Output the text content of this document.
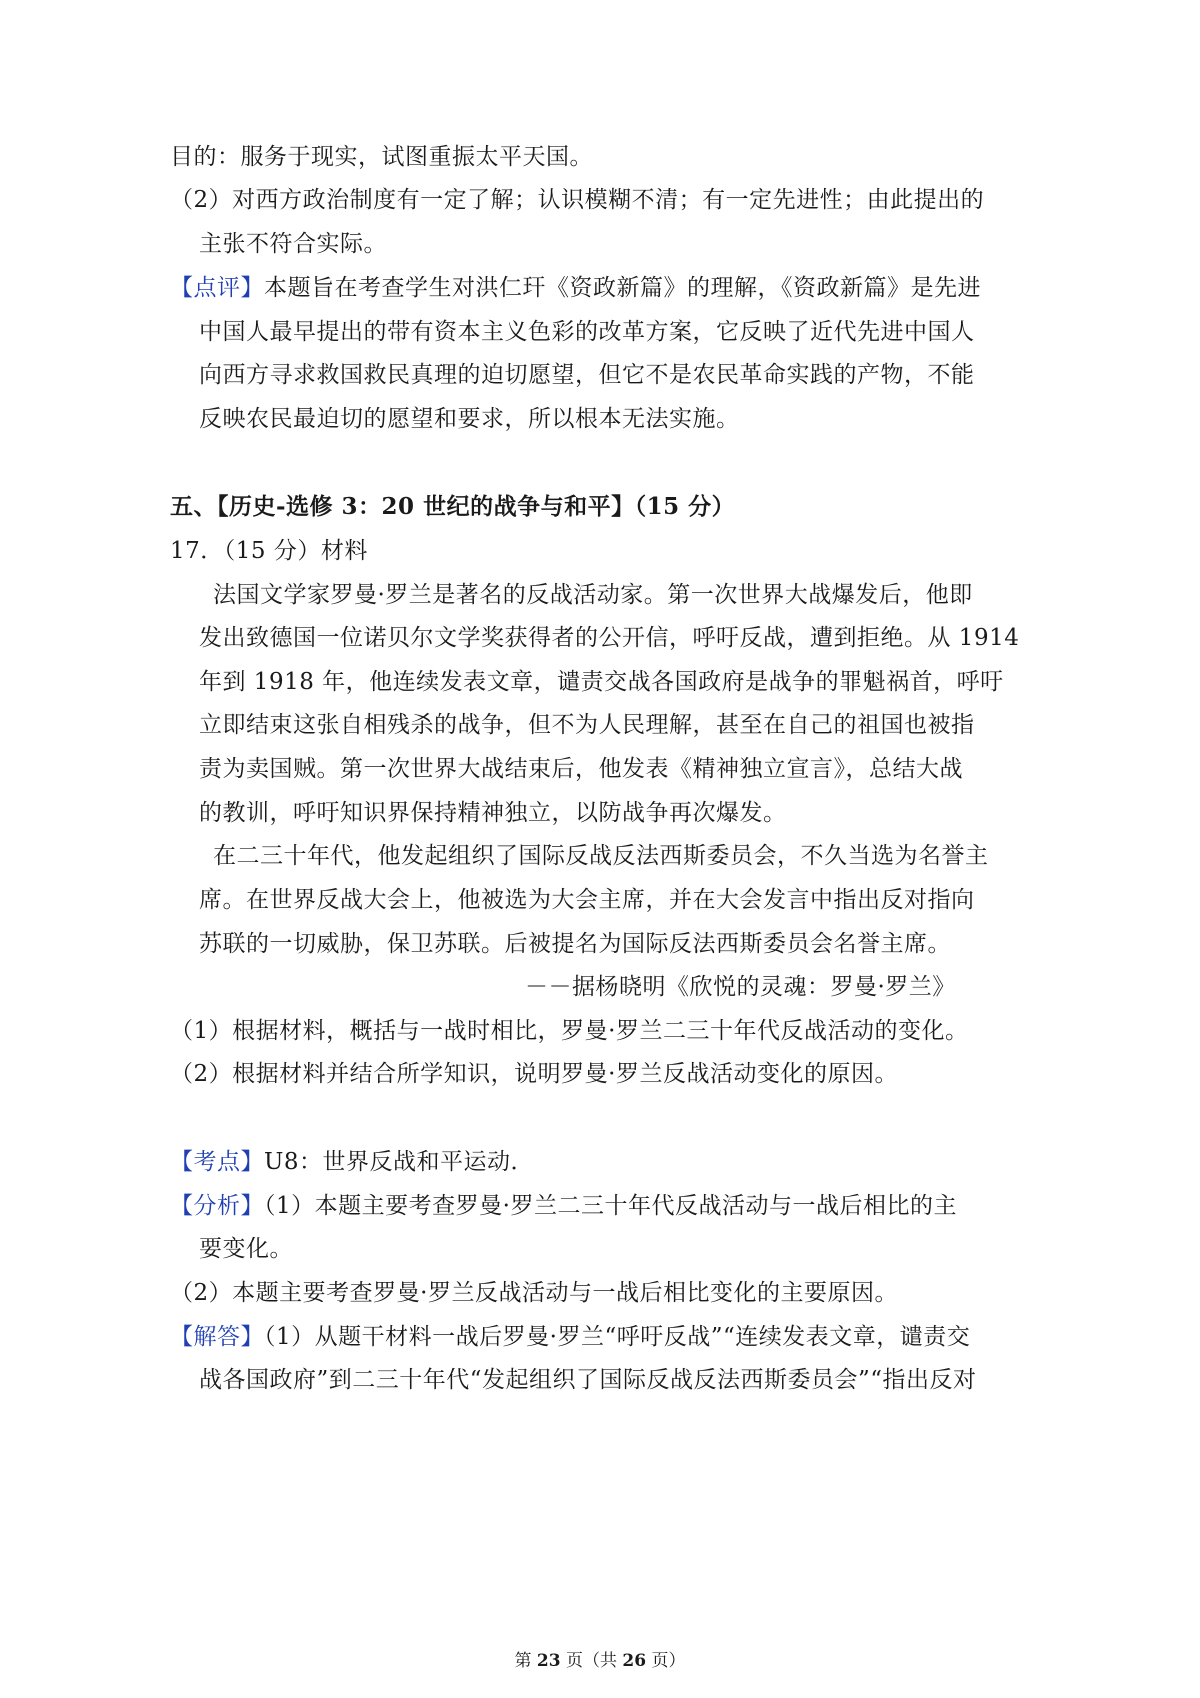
目的：服务于现实，试图重振太平天国。
（2）对西方政治制度有一定了解；认识模糊不清；有一定先进性；由此提出的
主张不符合实际。
【点评】本题旨在考查学生对洪仁玕《资政新篇》的理解，《资政新篇》是先进
中国人最早提出的带有资本主义色彩的改革方案，它反映了近代先进中国人
向西方寻求救国救民真理的迫切愿望，但它不是农民革命实践的产物，不能
反映农民最迫切的愿望和要求，所以根本无法实施。
五、【历史-选修 3：20 世纪的战争与和平】（15 分）
17．（15 分）材料
法国文学家罗曼·罗兰是著名的反战活动家。第一次世界大战爆发后，他即
发出致德国一位诺贝尔文学奖获得者的公开信，呼吁反战，遭到拒绝。从 1914
年到 1918 年，他连续发表文章，谴责交战各国政府是战争的罪魁祸首，呼吁
立即结束这张自相残杀的战争，但不为人民理解，甚至在自己的祖国也被指
责为卖国贼。第一次世界大战结束后，他发表《精神独立宣言》，总结大战
的教训，呼吁知识界保持精神独立，以防战争再次爆发。
在二三十年代，他发起组织了国际反战反法西斯委员会，不久当选为名誉主
席。在世界反战大会上，他被选为大会主席，并在大会发言中指出反对指向
苏联的一切威胁，保卫苏联。后被提名为国际反法西斯委员会名誉主席。
－－据杨晓明《欣悦的灵魂：罗曼·罗兰》
（1）根据材料，概括与一战时相比，罗曼·罗兰二三十年代反战活动的变化。
（2）根据材料并结合所学知识，说明罗曼·罗兰反战活动变化的原因。
【考点】U8：世界反战和平运动．
【分析】（1）本题主要考查罗曼·罗兰二三十年代反战活动与一战后相比的主
要变化。
（2）本题主要考查罗曼·罗兰反战活动与一战后相比变化的主要原因。
【解答】（1）从题干材料一战后罗曼·罗兰“呼吁反战”“连续发表文章，谴责交
战各国政府”到二三十年代“发起组织了国际反战反法西斯委员会”“指出反对
第 23 页（共 26 页）
